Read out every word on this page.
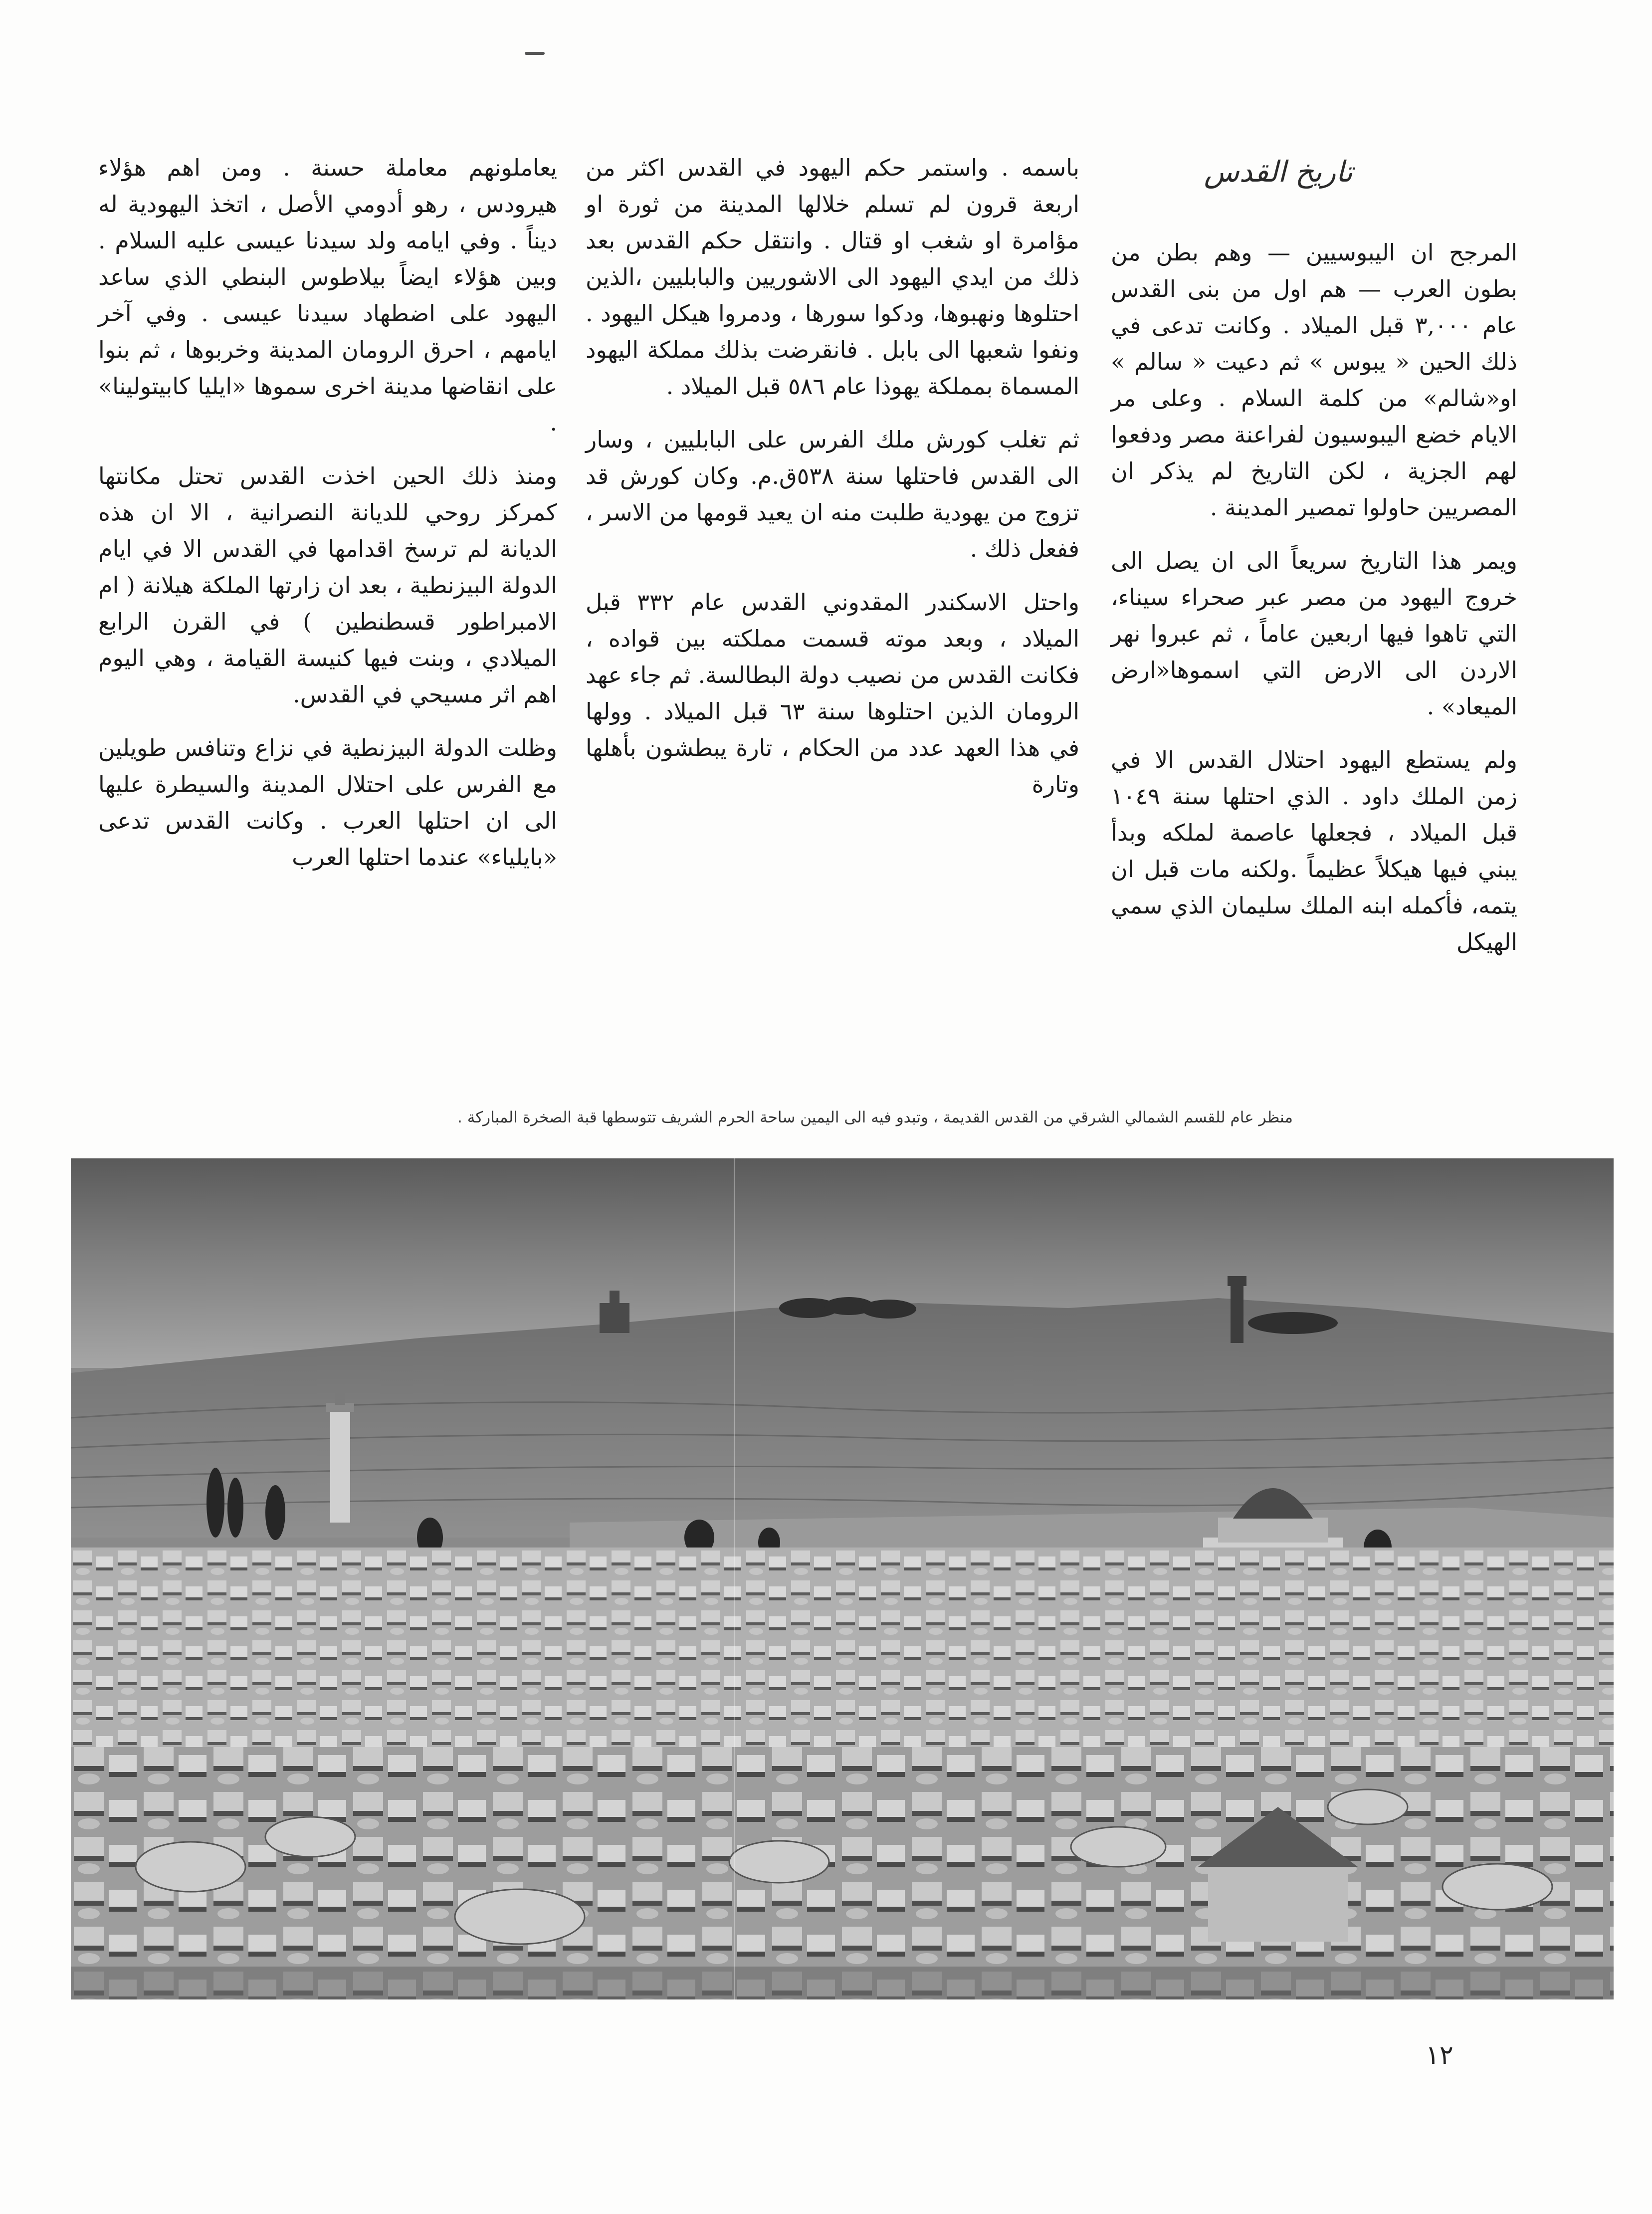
تاريخ القدس

المرجح ان اليبوسيين — وهم بطن من بطون العرب — هم اول من بنى القدس عام ٣,٠٠٠ قبل الميلاد . وكانت تدعى في ذلك الحين « يبوس » ثم دعيت « سالم » او«شالم» من كلمة السلام . وعلى مر الايام خضع اليبوسيون لفراعنة مصر ودفعوا لهم الجزية ، لكن التاريخ لم يذكر ان المصريين حاولوا تمصير المدينة .

ويمر هذا التاريخ سريعاً الى ان يصل الى خروج اليهود من مصر عبر صحراء سيناء، التي تاهوا فيها اربعين عاماً ، ثم عبروا نهر الاردن الى الارض التي اسموها«ارض الميعاد» .

ولم يستطع اليهود احتلال القدس الا في زمن الملك داود . الذي احتلها سنة ١٠٤٩ قبل الميلاد ، فجعلها عاصمة لملكه وبدأ يبني فيها هيكلاً عظيماً .ولكنه مات قبل ان يتمه، فأكمله ابنه الملك سليمان الذي سمي الهيكل

باسمه . واستمر حكم اليهود في القدس اكثر من اربعة قرون لم تسلم خلالها المدينة من ثورة او مؤامرة او شغب او قتال . وانتقل حكم القدس بعد ذلك من ايدي اليهود الى الاشوريين والبابليين ،الذين احتلوها ونهبوها، ودكوا سورها ، ودمروا هيكل اليهود . ونفوا شعبها الى بابل . فانقرضت بذلك مملكة اليهود المسماة بمملكة يهوذا عام ٥٨٦ قبل الميلاد .

ثم تغلب كورش ملك الفرس على البابليين ، وسار الى القدس فاحتلها سنة ٥٣٨ق.م. وكان كورش قد تزوج من يهودية طلبت منه ان يعيد قومها من الاسر ، ففعل ذلك .

واحتل الاسكندر المقدوني القدس عام ٣٣٢ قبل الميلاد ، وبعد موته قسمت مملكته بين قواده ، فكانت القدس من نصيب دولة البطالسة. ثم جاء عهد الرومان الذين احتلوها سنة ٦٣ قبل الميلاد . وولها في هذا العهد عدد من الحكام ، تارة يبطشون بأهلها وتارة

يعاملونهم معاملة حسنة . ومن اهم هؤلاء هيرودس ، رهو أدومي الأصل ، اتخذ اليهودية له ديناً . وفي ايامه ولد سيدنا عيسى عليه السلام . وبين هؤلاء ايضاً بيلاطوس البنطي الذي ساعد اليهود على اضطهاد سيدنا عيسى . وفي آخر ايامهم ، احرق الرومان المدينة وخربوها ، ثم بنوا على انقاضها مدينة اخرى سموها «ايليا كابيتولينا» .

ومنذ ذلك الحين اخذت القدس تحتل مكانتها كمركز روحي للديانة النصرانية ، الا ان هذه الديانة لم ترسخ اقدامها في القدس الا في ايام الدولة البيزنطية ، بعد ان زارتها الملكة هيلانة ( ام الامبراطور قسطنطين ) في القرن الرابع الميلادي ، وبنت فيها كنيسة القيامة ، وهي اليوم اهم اثر مسيحي في القدس.

وظلت الدولة البيزنطية في نزاع وتنافس طويلين مع الفرس على احتلال المدينة والسيطرة عليها الى ان احتلها العرب . وكانت القدس تدعى «بايلياء» عندما احتلها العرب

منظر عام للقسم الشمالي الشرقي من القدس القديمة ، وتبدو فيه الى اليمين ساحة الحرم الشريف تتوسطها قبة الصخرة المباركة .
١٢
